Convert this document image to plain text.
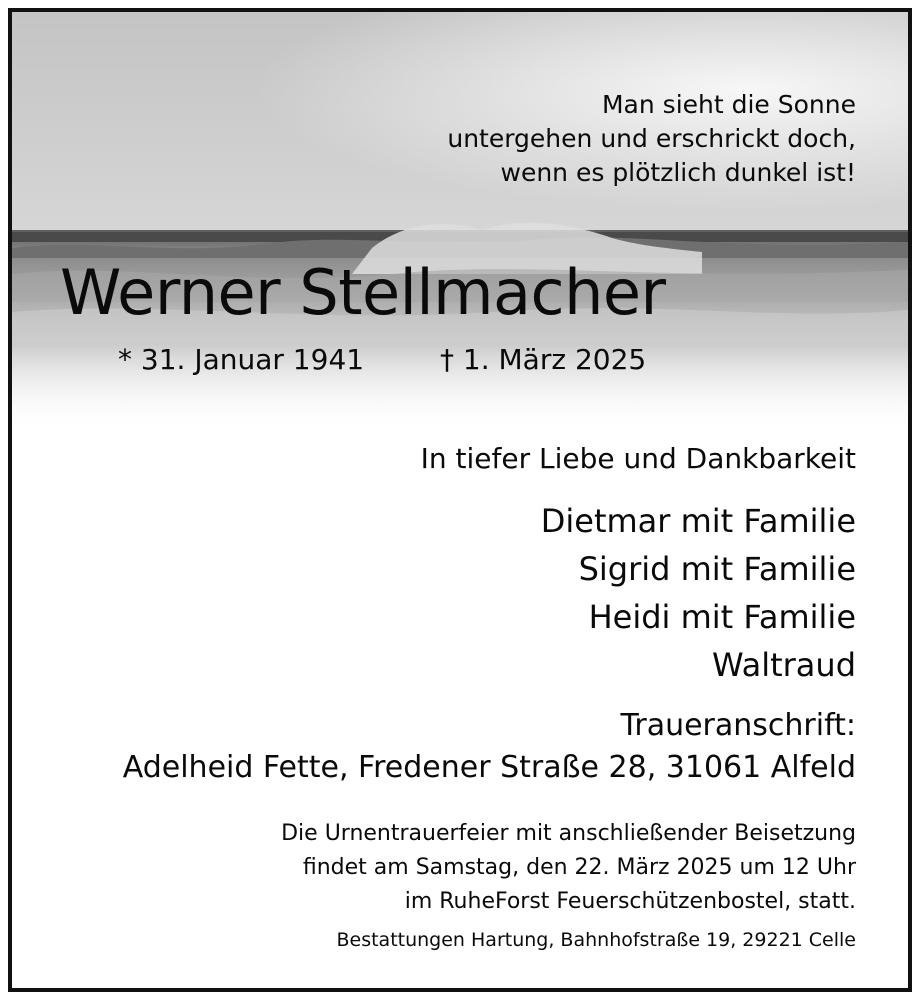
Man sieht die Sonne
untergehen und erschrickt doch,
wenn es plötzlich dunkel ist!
Werner Stellmacher
* 31. Januar 1941	† 1. März 2025
In tiefer Liebe und Dankbarkeit
Dietmar mit Familie
Sigrid mit Familie
Heidi mit Familie
Waltraud
Traueranschrift:
Adelheid Fette, Fredener Straße 28, 31061 Alfeld
Die Urnentrauerfeier mit anschließender Beisetzung
findet am Samstag, den 22. März 2025 um 12 Uhr
im RuheForst Feuerschützenbostel, statt.
Bestattungen Hartung, Bahnhofstraße 19, 29221 Celle
